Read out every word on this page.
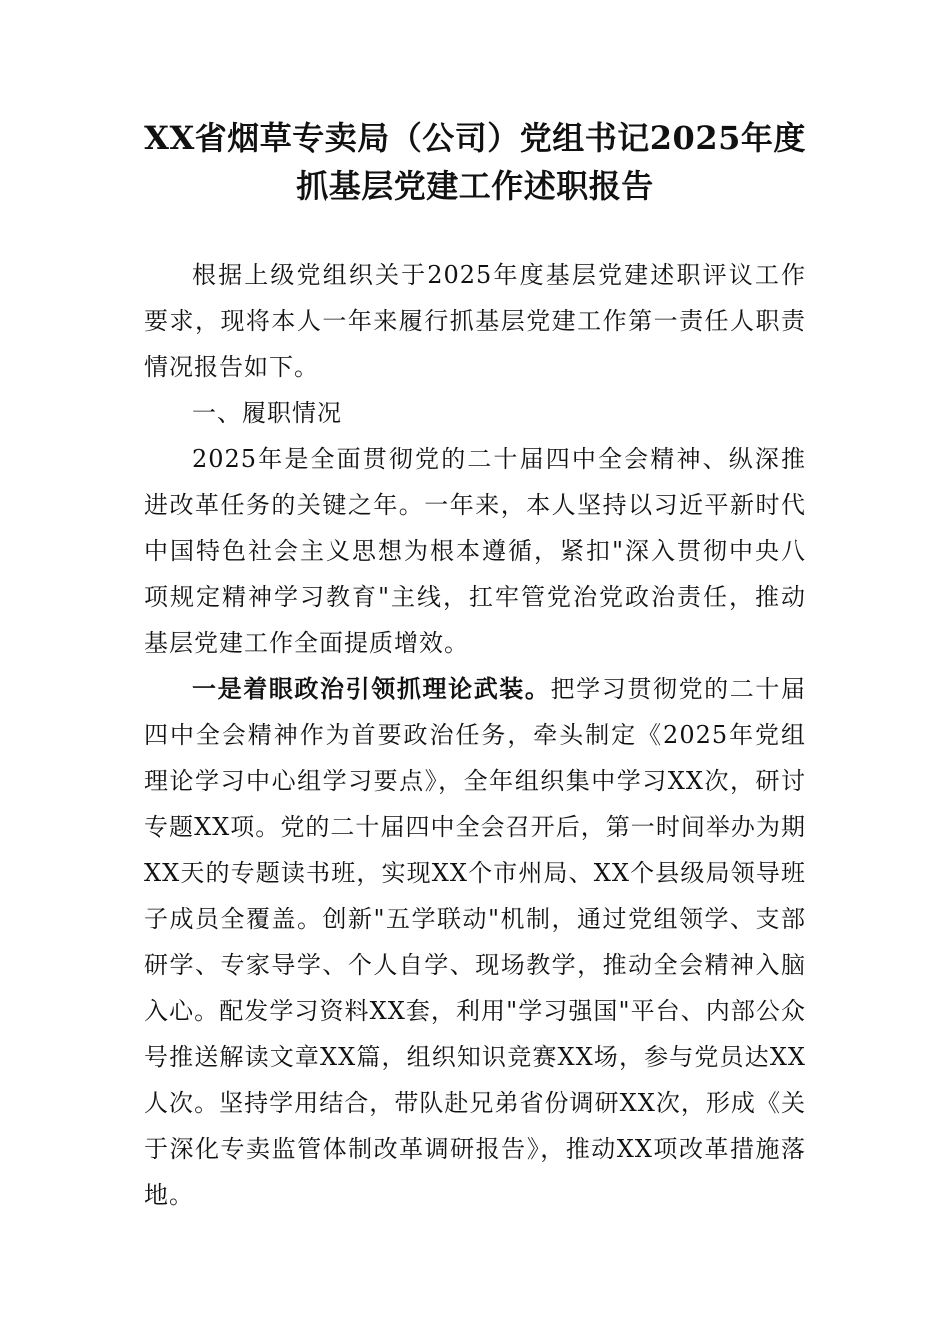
XX省烟草专卖局（公司）党组书记2025年度抓基层党建工作述职报告

根据上级党组织关于2025年度基层党建述职评议工作要求，现将本人一年来履行抓基层党建工作第一责任人职责情况报告如下。

一、履职情况

2025年是全面贯彻党的二十届四中全会精神、纵深推进改革任务的关键之年。一年来，本人坚持以习近平新时代中国特色社会主义思想为根本遵循，紧扣"深入贯彻中央八项规定精神学习教育"主线，扛牢管党治党政治责任，推动基层党建工作全面提质增效。

一是着眼政治引领抓理论武装。把学习贯彻党的二十届四中全会精神作为首要政治任务，牵头制定《2025年党组理论学习中心组学习要点》，全年组织集中学习XX次，研讨专题XX项。党的二十届四中全会召开后，第一时间举办为期XX天的专题读书班，实现XX个市州局、XX个县级局领导班子成员全覆盖。创新"五学联动"机制，通过党组领学、支部研学、专家导学、个人自学、现场教学，推动全会精神入脑入心。配发学习资料XX套，利用"学习强国"平台、内部公众号推送解读文章XX篇，组织知识竞赛XX场，参与党员达XX人次。坚持学用结合，带队赴兄弟省份调研XX次，形成《关于深化专卖监管体制改革调研报告》，推动XX项改革措施落地。
